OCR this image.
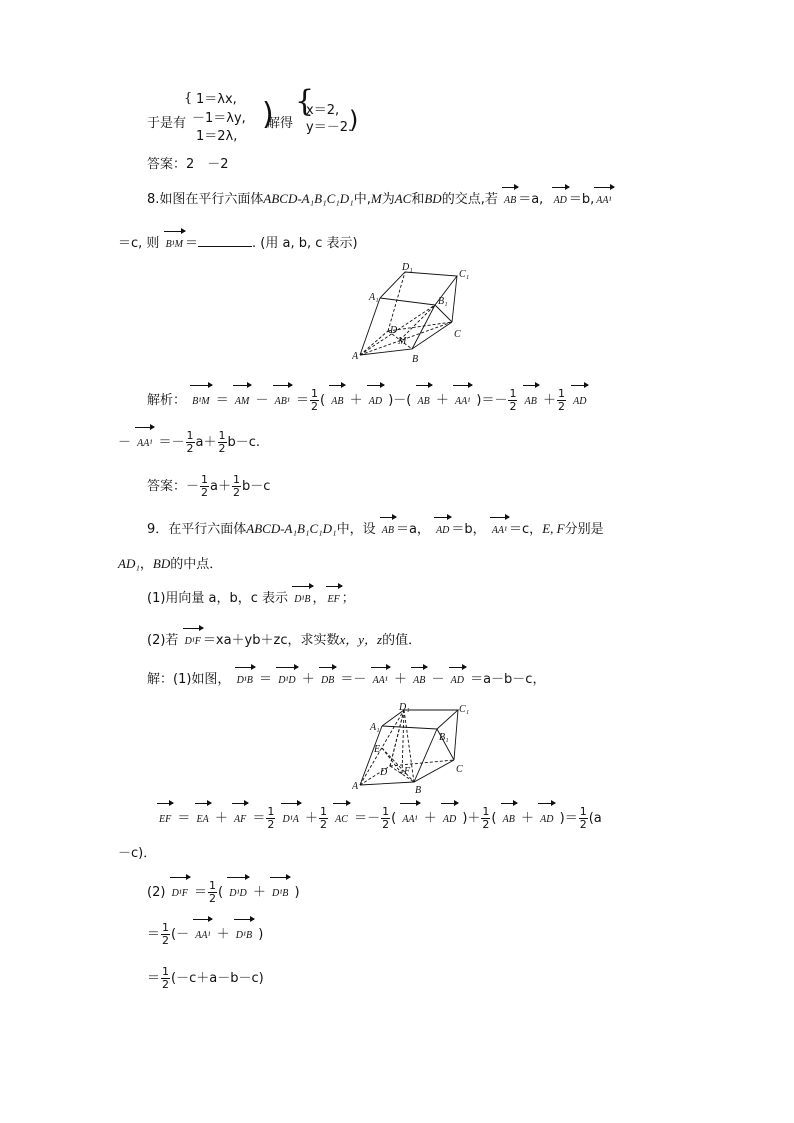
于是有
{ 1＝λx,
－1＝λy,
1＝2λ,
)
解得
{
x＝2,
y＝－2.
)
答案：2　－2
8.如图在平行六面体ABCD-A₁B₁C₁D₁中,M为AC和BD的交点,若 AB ＝a, AD ＝b, AA¹
＝c, 则 B¹M ＝	. (用 a, b, c 表示)
A	B
C
D
M
A₁	B₁
C₁
D₁
解析： B¹M ＝ AM － $AB^1 = \frac{1}{2}$ ( AB ＋ AD )－( AB ＋ AA¹ )＝－ $\frac{1}{2}$ AB ＋ $\frac{1}{2}$ AD
－ $AA^1 =- \frac{1}{2} a+ \frac{1}{2} b-c$.
答案：－ $\frac{1}{2} a+ \frac{1}{2} b-c$
9．在平行六面体ABCD-A₁B₁C₁D₁中，设 AB ＝a， AD ＝b， AA¹ ＝c，E, F分别是
AD₁，BD的中点．
(1)用向量 a，b，c 表示 D¹B ， EF ；
(2)若 D¹F ＝xa＋yb＋zc，求实数x，y，z的值．
解：(1)如图， D¹B ＝ D¹D ＋ DB ＝－ AA¹ ＋ AB － AD ＝a－b－c，
A	B
C
D
E
F
A₁
B₁
C₁
D₁
EF ＝ EA ＋ AF ＝ $\frac{1}{2} D^1A + \frac{1}{2}$ AC ＝－ $\frac{1}{2}$ ( AA¹ ＋ AD )＋ $\frac{1}{2}$ ( AB ＋ AD )＝ $\frac{1}{2} (a$
－c)．
(2) $D^1F = \frac{1}{2}$ ( D¹D ＋ D¹B )
＝ $\frac{1}{2}$ (－ AA¹ ＋ D¹B )
＝ $\frac{1}{2} (-c+a-b-c)$
